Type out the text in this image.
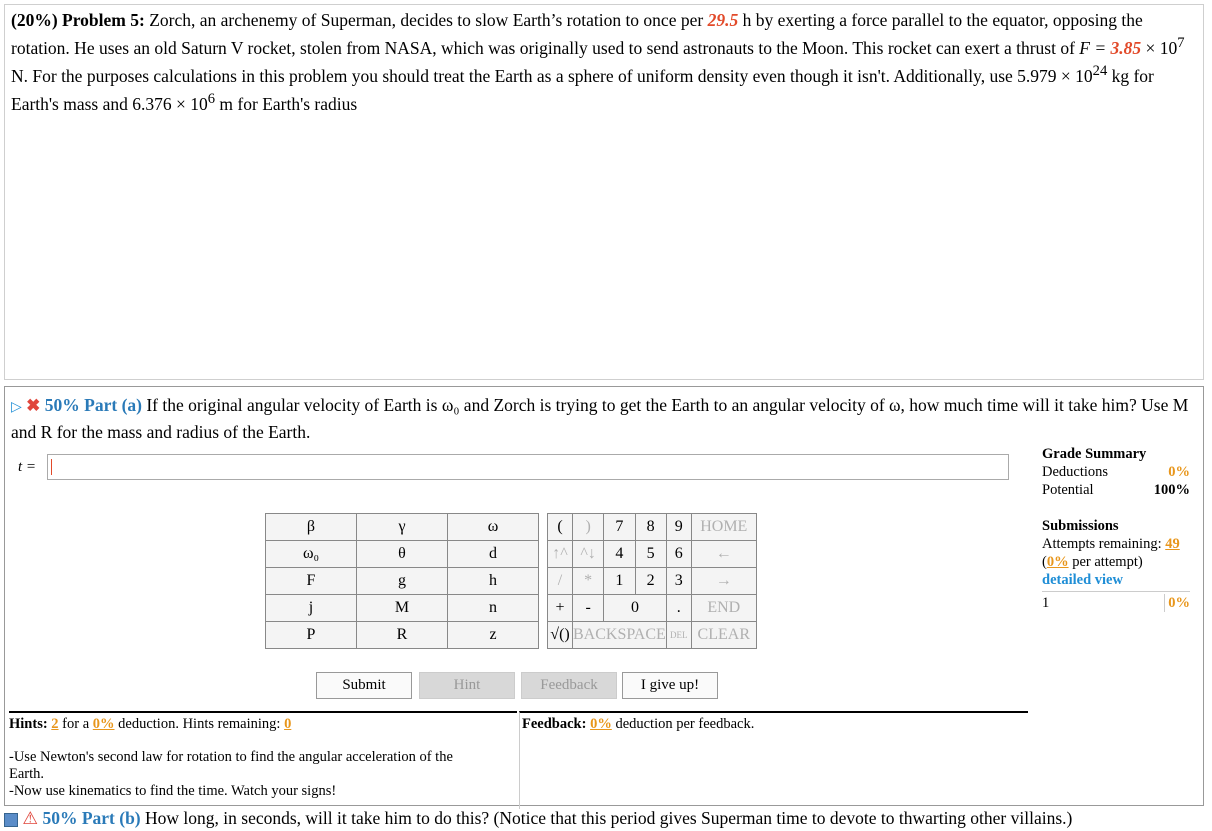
(20%) Problem 5: Zorch, an archenemy of Superman, decides to slow Earth’s rotation to once per 29.5 h by exerting a force parallel to the equator, opposing the rotation. He uses an old Saturn V rocket, stolen from NASA, which was originally used to send astronauts to the Moon. This rocket can exert a thrust of $F = 3.85 \times 10^7$ N. For the purposes calculations in this problem you should treat the Earth as a sphere of uniform density even though it isn't. Additionally, use $5.979 \times 10^{24}$ kg for Earth's mass and $6.376 \times 10^6$ m for Earth's radius
▷ ✖ 50% Part (a) If the original angular velocity of Earth is ω₀ and Zorch is trying to get the Earth to an angular velocity of ω, how much time will it take him? Use M and R for the mass and radius of the Earth.
t =
Grade Summary
Deductions	0%
Potential	100%
Submissions
Attempts remaining: 49
(0% per attempt)
detailed view
1	0%
β	γ	ω
ω₀	θ	d
F	g	h
j	M	n
P	R	z
(	)	7	8	9	HOME
↑^	^↓	4	5	6	←
/	*	1	2	3	→
+	-	0		.	END
√()	BACKSPACE			DEL	CLEAR
Submit	Hint	Feedback	I give up!
Hints: 2 for a 0% deduction. Hints remaining: 0
-Use Newton's second law for rotation to find the angular acceleration of the Earth.
-Now use kinematics to find the time. Watch your signs!
Feedback: 0% deduction per feedback.
⚠ 50% Part (b) How long, in seconds, will it take him to do this? (Notice that this period gives Superman time to devote to thwarting other villains.)
